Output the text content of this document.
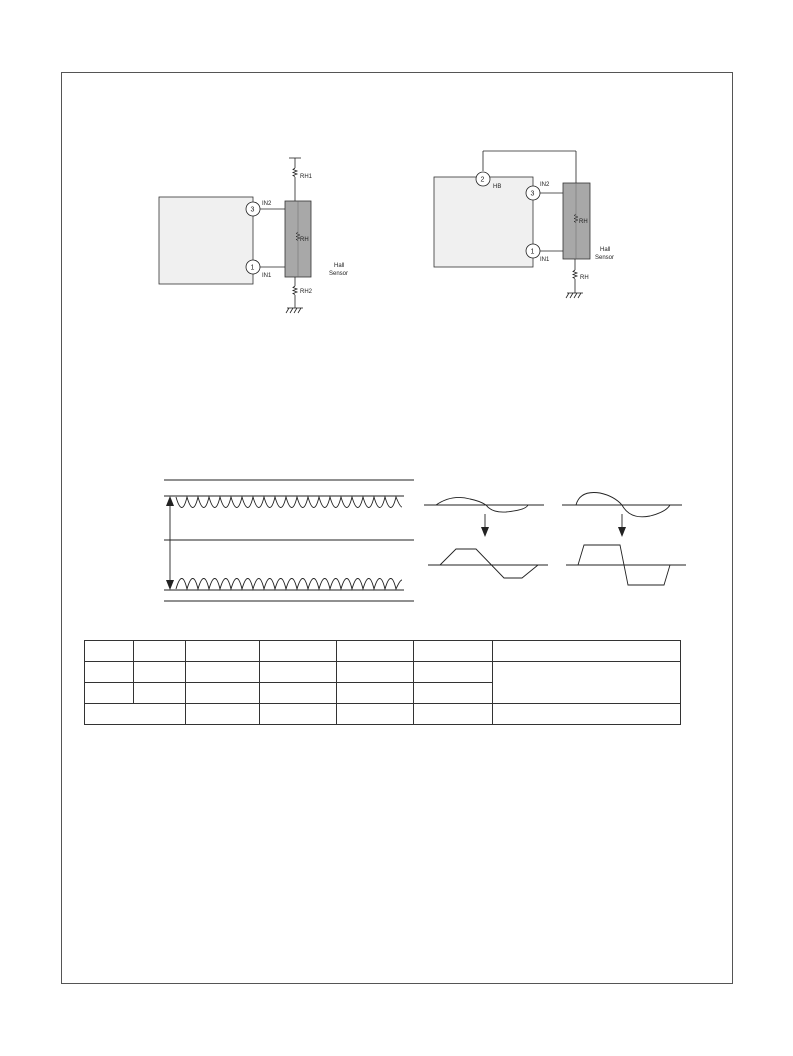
RH1
3
IN2
1
IN1
RH
Hall
Sensor
RH2
2
HB
3
IN2
1
IN1
RH
Hall
Sensor
RH
